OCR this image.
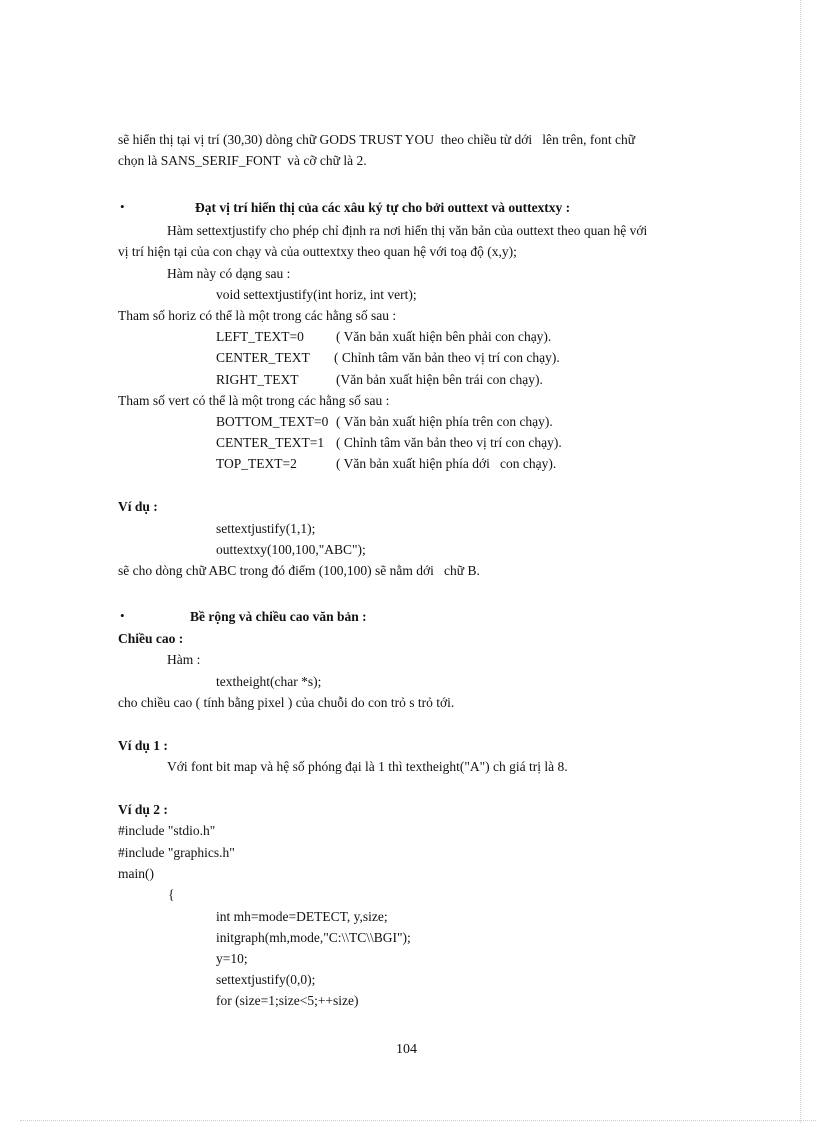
sẽ hiển thị tại vị trí (30,30) dòng chữ GODS TRUST YOU  theo chiều từ dới   lên trên, font chữ
chọn là SANS_SERIF_FONT  và cỡ chữ là 2.
•	Đạt vị trí hiển thị của các xâu ký tự cho bởi outtext và outtextxy :
Hàm settextjustify cho phép chỉ định ra nơi hiển thị văn bản của outtext theo quan hệ với
vị trí hiện tại của con chạy và của outtextxy theo quan hệ với toạ độ (x,y);
Hàm này có dạng sau :
void settextjustify(int horiz, int vert);
Tham số horiz có thể là một trong các hằng số sau :
LEFT_TEXT=0 ( Văn bản xuất hiện bên phải con chạy).
CENTER_TEXT ( Chỉnh tâm văn bản theo vị trí con chạy).
RIGHT_TEXT	(Văn bản xuất hiện bên trái con chạy).
Tham số vert có thể là một trong các hằng số sau :
BOTTOM_TEXT=0 ( Văn bản xuất hiện phía trên con chạy).
CENTER_TEXT=1 ( Chỉnh tâm văn bản theo vị trí con chạy).
TOP_TEXT=2	( Văn bản xuất hiện phía dới   con chạy).
Ví dụ :
settextjustify(1,1);
outtextxy(100,100,"ABC");
sẽ cho dòng chữ ABC trong đó điểm (100,100) sẽ nằm dới   chữ B.
•	Bề rộng và chiều cao văn bản :
Chiều cao :
Hàm :
textheight(char *s);
cho chiều cao ( tính bằng pixel ) của chuỗi do con trỏ s trỏ tới.
Ví dụ 1 :
Với font bit map và hệ số phóng đại là 1 thì textheight("A") ch giá trị là 8.
Ví dụ 2 :
#include "stdio.h"
#include "graphics.h"
main()
{
int mh=mode=DETECT, y,size;
initgraph(mh,mode,"C:\\TC\\BGI");
y=10;
settextjustify(0,0);
for (size=1;size<5;++size)
104
